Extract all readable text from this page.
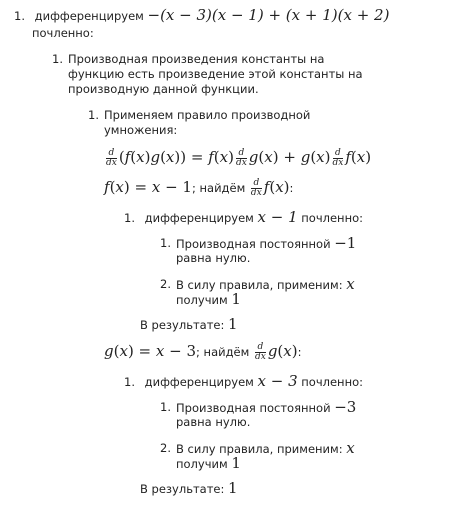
1. дифференцируем −(x − 3)(x − 1) + (x + 1)(x + 2)
почленно:
1. Производная произведения константы на
функцию есть произведение этой константы на
производную данной функции.
1. Применяем правило производной
умножения:
$\frac{d}{dx} (f(x)g(x)) = f(x) \frac{d}{dx} g(x) + g(x) \frac{d}{dx} f(x)$
f(x) = x − 1; найдём $\frac{d}{dx} f(x)$:
1. дифференцируем x − 1 почленно:
1. Производная постоянной −1
равна нулю.
2. В силу правила, применим: x
получим 1
В результате: 1
g(x) = x − 3; найдём $\frac{d}{dx} g(x)$:
1. дифференцируем x − 3 почленно:
1. Производная постоянной −3
равна нулю.
2. В силу правила, применим: x
получим 1
В результате: 1
